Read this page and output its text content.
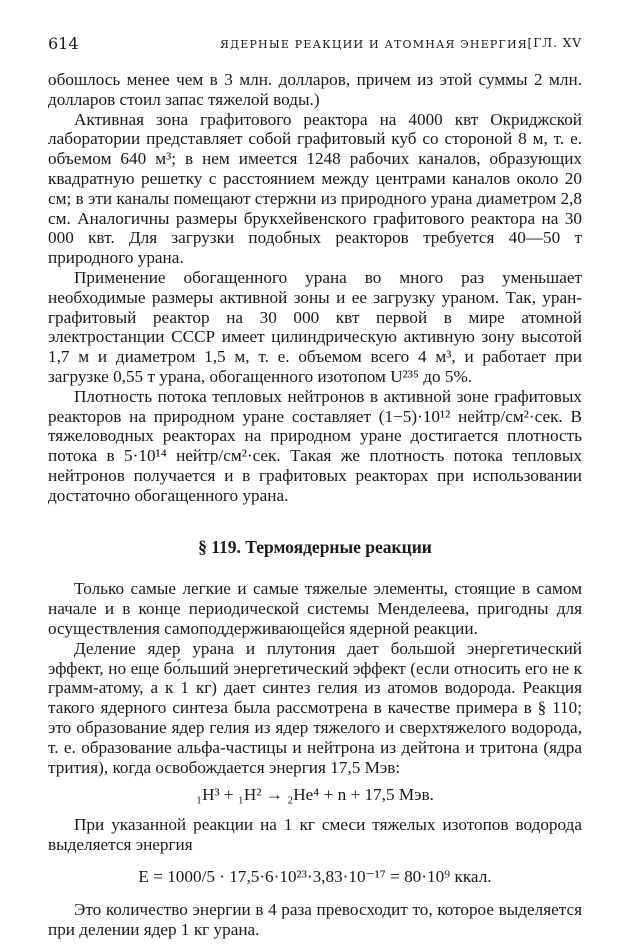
614	ЯДЕРНЫЕ РЕАКЦИИ И АТОМНАЯ ЭНЕРГИЯ [ГЛ. XV

обошлось менее чем в 3 млн. долларов, причем из этой суммы 2 млн. долларов стоил запас тяжелой воды.)

Активная зона графитового реактора на 4000 квт Окриджской лаборатории представляет собой графитовый куб со стороной 8 м, т. е. объемом 640 м³; в нем имеется 1248 рабочих каналов, образующих квадратную решетку с расстоянием между центрами каналов около 20 см; в эти каналы помещают стержни из природного урана диаметром 2,8 см. Аналогичны размеры брукхейвенского графитового реактора на 30 000 квт. Для загрузки подобных реакторов требуется 40—50 т природного урана.

Применение обогащенного урана во много раз уменьшает необходимые размеры активной зоны и ее загрузку ураном. Так, уран-графитовый реактор на 30 000 квт первой в мире атомной электростанции СССР имеет цилиндрическую активную зону высотой 1,7 м и диаметром 1,5 м, т. е. объемом всего 4 м³, и работает при загрузке 0,55 т урана, обогащенного изотопом U²³⁵ до 5%.

Плотность потока тепловых нейтронов в активной зоне графитовых реакторов на природном уране составляет (1−5)·10¹² нейтр/см²·сек. В тяжеловодных реакторах на природном уране достигается плотность потока в 5·10¹⁴ нейтр/см²·сек. Такая же плотность потока тепловых нейтронов получается и в графитовых реакторах при использовании достаточно обогащенного урана.

§ 119. Термоядерные реакции

Только самые легкие и самые тяжелые элементы, стоящие в самом начале и в конце периодической системы Менделеева, пригодны для осуществления самоподдерживающейся ядерной реакции.

Деление ядер урана и плутония дает большой энергетический эффект, но еще бо́льший энергетический эффект (если относить его не к грамм-атому, а к 1 кг) дает синтез гелия из атомов водорода. Реакция такого ядерного синтеза была рассмотрена в качестве примера в § 110; это образование ядер гелия из ядер тяжелого и сверхтяжелого водорода, т. е. образование альфа-частицы и нейтрона из дейтона и тритона (ядра трития), когда освобождается энергия 17,5 Мэв:

₁H³ + ₁H² → ₂He⁴ + n + 17,5 Мэв.

При указанной реакции на 1 кг смеси тяжелых изотопов водорода выделяется энергия

E = 1000/5 · 17,5·6·10²³·3,83·10⁻¹⁷ = 80·10⁹ ккал.

Это количество энергии в 4 раза превосходит то, которое выделяется при делении ядер 1 кг урана.
